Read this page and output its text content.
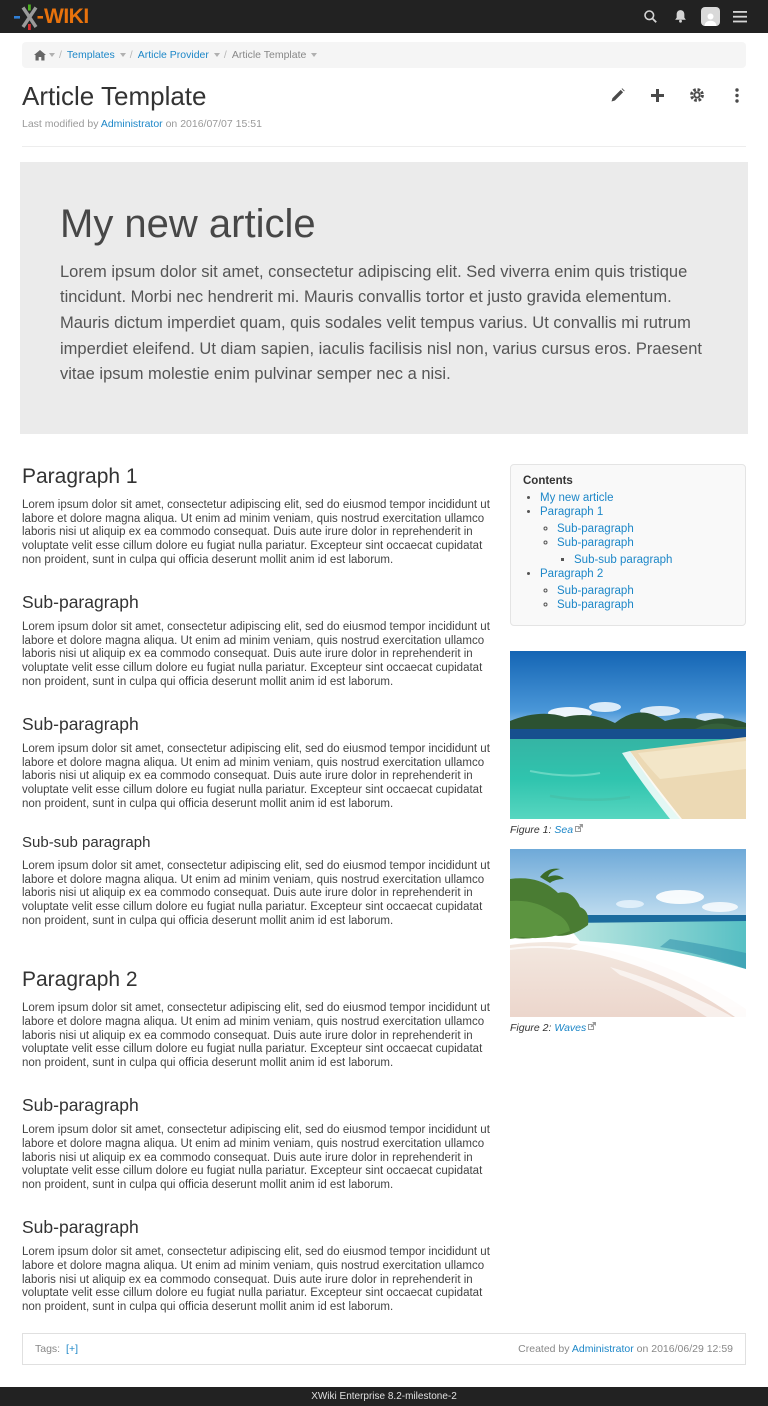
WIKI
/ Templates / Article Provider / Article Template
Article Template
Last modified by Administrator on 2016/07/07 15:51
My new article

Lorem ipsum dolor sit amet, consectetur adipiscing elit. Sed viverra enim quis tristique tincidunt. Morbi nec hendrerit mi. Mauris convallis tortor et justo gravida elementum. Mauris dictum imperdiet quam, quis sodales velit tempus varius. Ut convallis mi rutrum imperdiet eleifend. Ut diam sapien, iaculis facilisis nisl non, varius cursus eros. Praesent vitae ipsum molestie enim pulvinar semper nec a nisi.

Paragraph 1

Lorem ipsum dolor sit amet, consectetur adipiscing elit, sed do eiusmod tempor incididunt ut labore et dolore magna aliqua. Ut enim ad minim veniam, quis nostrud exercitation ullamco laboris nisi ut aliquip ex ea commodo consequat. Duis aute irure dolor in reprehenderit in voluptate velit esse cillum dolore eu fugiat nulla pariatur. Excepteur sint occaecat cupidatat non proident, sunt in culpa qui officia deserunt mollit anim id est laborum.

Sub-paragraph

Lorem ipsum dolor sit amet, consectetur adipiscing elit, sed do eiusmod tempor incididunt ut labore et dolore magna aliqua. Ut enim ad minim veniam, quis nostrud exercitation ullamco laboris nisi ut aliquip ex ea commodo consequat. Duis aute irure dolor in reprehenderit in voluptate velit esse cillum dolore eu fugiat nulla pariatur. Excepteur sint occaecat cupidatat non proident, sunt in culpa qui officia deserunt mollit anim id est laborum.

Sub-paragraph

Lorem ipsum dolor sit amet, consectetur adipiscing elit, sed do eiusmod tempor incididunt ut labore et dolore magna aliqua. Ut enim ad minim veniam, quis nostrud exercitation ullamco laboris nisi ut aliquip ex ea commodo consequat. Duis aute irure dolor in reprehenderit in voluptate velit esse cillum dolore eu fugiat nulla pariatur. Excepteur sint occaecat cupidatat non proident, sunt in culpa qui officia deserunt mollit anim id est laborum.

Sub-sub paragraph

Lorem ipsum dolor sit amet, consectetur adipiscing elit, sed do eiusmod tempor incididunt ut labore et dolore magna aliqua. Ut enim ad minim veniam, quis nostrud exercitation ullamco laboris nisi ut aliquip ex ea commodo consequat. Duis aute irure dolor in reprehenderit in voluptate velit esse cillum dolore eu fugiat nulla pariatur. Excepteur sint occaecat cupidatat non proident, sunt in culpa qui officia deserunt mollit anim id est laborum.

Paragraph 2

Lorem ipsum dolor sit amet, consectetur adipiscing elit, sed do eiusmod tempor incididunt ut labore et dolore magna aliqua. Ut enim ad minim veniam, quis nostrud exercitation ullamco laboris nisi ut aliquip ex ea commodo consequat. Duis aute irure dolor in reprehenderit in voluptate velit esse cillum dolore eu fugiat nulla pariatur. Excepteur sint occaecat cupidatat non proident, sunt in culpa qui officia deserunt mollit anim id est laborum.

Sub-paragraph

Lorem ipsum dolor sit amet, consectetur adipiscing elit, sed do eiusmod tempor incididunt ut labore et dolore magna aliqua. Ut enim ad minim veniam, quis nostrud exercitation ullamco laboris nisi ut aliquip ex ea commodo consequat. Duis aute irure dolor in reprehenderit in voluptate velit esse cillum dolore eu fugiat nulla pariatur. Excepteur sint occaecat cupidatat non proident, sunt in culpa qui officia deserunt mollit anim id est laborum.

Sub-paragraph

Lorem ipsum dolor sit amet, consectetur adipiscing elit, sed do eiusmod tempor incididunt ut labore et dolore magna aliqua. Ut enim ad minim veniam, quis nostrud exercitation ullamco laboris nisi ut aliquip ex ea commodo consequat. Duis aute irure dolor in reprehenderit in voluptate velit esse cillum dolore eu fugiat nulla pariatur. Excepteur sint occaecat cupidatat non proident, sunt in culpa qui officia deserunt mollit anim id est laborum.

Contents
• My new article
• Paragraph 1
◦ Sub-paragraph
◦ Sub-paragraph
▪ Sub-sub paragraph
• Paragraph 2
◦ Sub-paragraph
◦ Sub-paragraph
Figure 1: Sea
Figure 2: Waves
Tags: [+]	Created by Administrator on 2016/06/29 12:59
XWiki Enterprise 8.2-milestone-2
